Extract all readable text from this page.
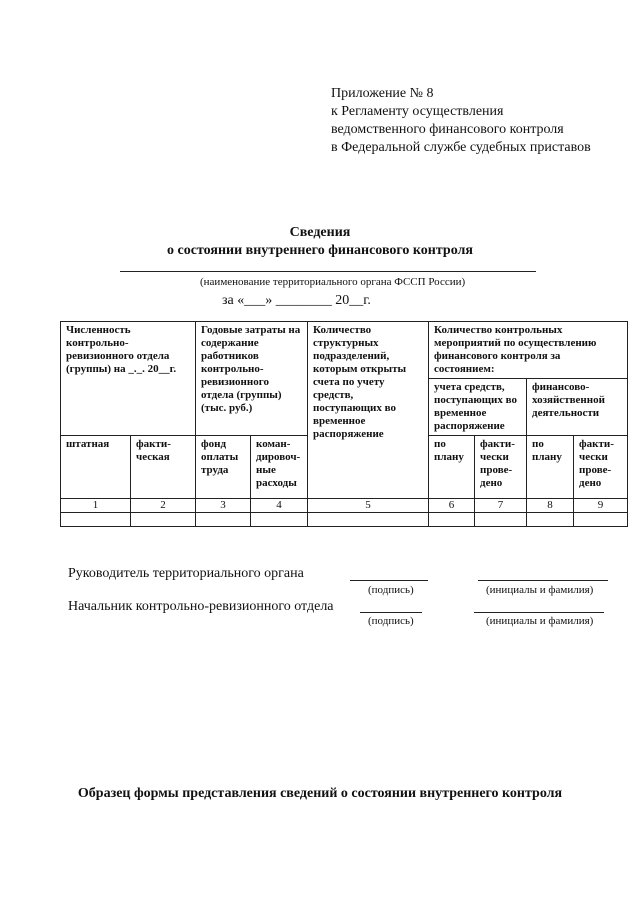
Приложение № 8
к Регламенту осуществления
ведомственного финансового контроля
в Федеральной службе судебных приставов
Сведения
о состоянии внутреннего финансового контроля
(наименование территориального органа ФССП России)
за «___» ________ 20__г.
Численность контрольно-ревизионного отдела (группы) на _._. 20__г.		Годовые затраты на содержание работников контрольно-ревизионного отдела (группы) (тыс. руб.)		Количество структурных подразделений, которым открыты счета по учету средств, поступающих во временное распоряжение	Количество контрольных мероприятий по осуществлению финансового контроля за состоянием:			
					учета средств, поступающих во временное распоряжение		финансово-хозяйственной деятельности	
штатная	факти-ческая	фонд оплаты труда	коман-дировоч-ные расходы		по плану	факти-чески прове-дено	по плану	факти-чески прове-дено
1	2	3	4	5	6	7	8	9

Руководитель территориального органа
(подпись)	(инициалы и фамилия)
Начальник контрольно-ревизионного отдела
(подпись)	(инициалы и фамилия)
Образец формы представления сведений о состоянии внутреннего контроля
